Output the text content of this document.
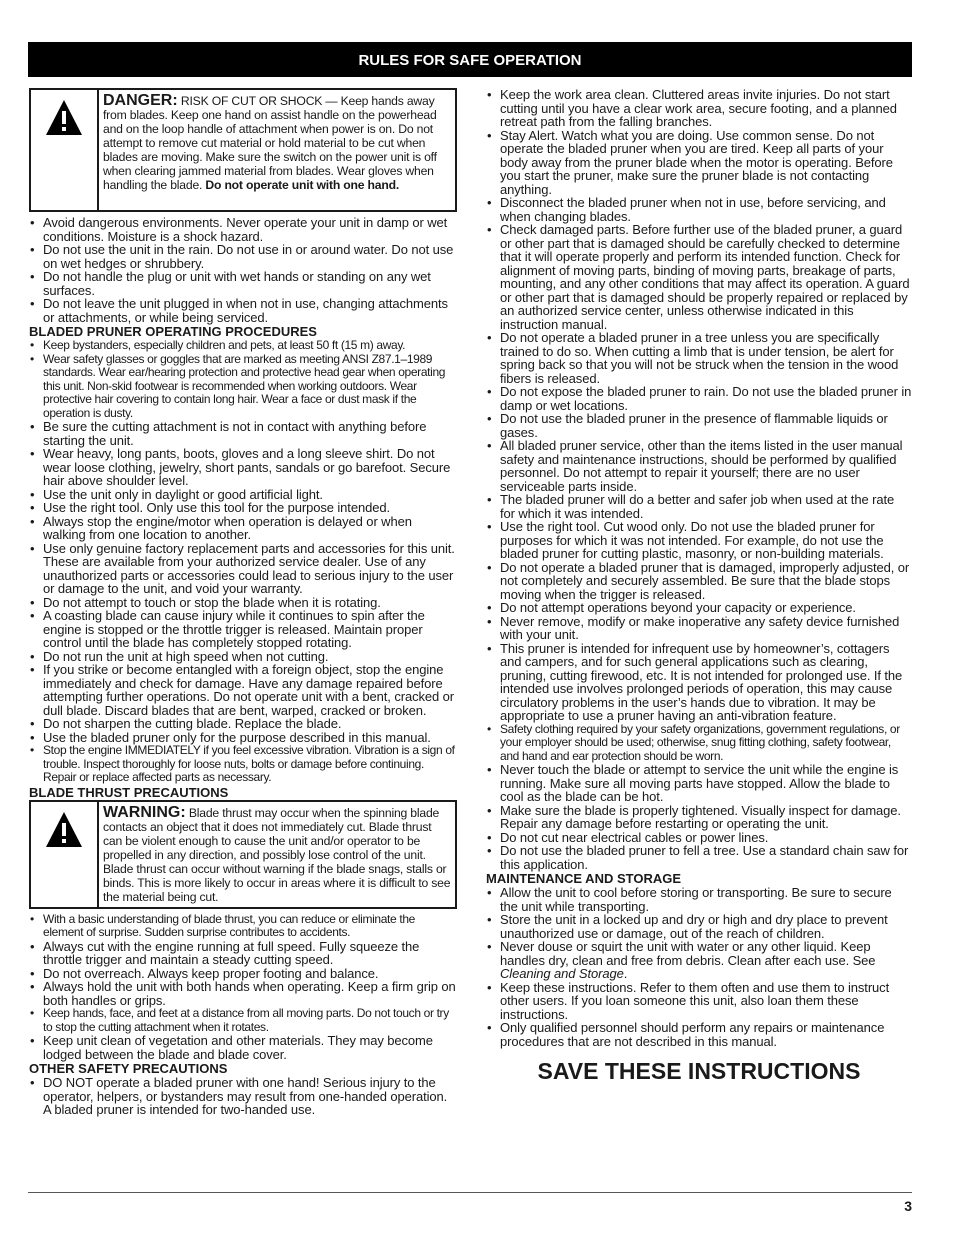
RULES FOR SAFE OPERATION
DANGER: RISK OF CUT OR SHOCK — Keep hands away from blades. Keep one hand on assist handle on the powerhead and on the loop handle of attachment when power is on. Do not attempt to remove cut material or hold material to be cut when blades are moving. Make sure the switch on the power unit is off when clearing jammed material from blades. Wear gloves when handling the blade. Do not operate unit with one hand.
• Avoid dangerous environments. Never operate your unit in damp or wet conditions. Moisture is a shock hazard.
• Do not use the unit in the rain. Do not use in or around water. Do not use on wet hedges or shrubbery.
• Do not handle the plug or unit with wet hands or standing on any wet surfaces.
• Do not leave the unit plugged in when not in use, changing attachments or attachments, or while being serviced.
BLADED PRUNER OPERATING PROCEDURES
• Keep bystanders, especially children and pets, at least 50 ft (15 m) away.
• Wear safety glasses or goggles that are marked as meeting ANSI Z87.1–1989 standards. Wear ear/hearing protection and protective head gear when operating this unit. Non-skid footwear is recommended when working outdoors. Wear protective hair covering to contain long hair. Wear a face or dust mask if the operation is dusty.
• Be sure the cutting attachment is not in contact with anything before starting the unit.
• Wear heavy, long pants, boots, gloves and a long sleeve shirt. Do not wear loose clothing, jewelry, short pants, sandals or go barefoot. Secure hair above shoulder level.
• Use the unit only in daylight or good artificial light.
• Use the right tool. Only use this tool for the purpose intended.
• Always stop the engine/motor when operation is delayed or when walking from one location to another.
• Use only genuine factory replacement parts and accessories for this unit. These are available from your authorized service dealer. Use of any unauthorized parts or accessories could lead to serious injury to the user or damage to the unit, and void your warranty.
• Do not attempt to touch or stop the blade when it is rotating.
• A coasting blade can cause injury while it continues to spin after the engine is stopped or the throttle trigger is released. Maintain proper control until the blade has completely stopped rotating.
• Do not run the unit at high speed when not cutting.
• If you strike or become entangled with a foreign object, stop the engine immediately and check for damage. Have any damage repaired before attempting further operations. Do not operate unit with a bent, cracked or dull blade. Discard blades that are bent, warped, cracked or broken.
• Do not sharpen the cutting blade. Replace the blade.
• Use the bladed pruner only for the purpose described in this manual.
• Stop the engine IMMEDIATELY if you feel excessive vibration. Vibration is a sign of trouble. Inspect thoroughly for loose nuts, bolts or damage before continuing. Repair or replace affected parts as necessary.
BLADE THRUST PRECAUTIONS
WARNING: Blade thrust may occur when the spinning blade contacts an object that it does not immediately cut. Blade thrust can be violent enough to cause the unit and/or operator to be propelled in any direction, and possibly lose control of the unit. Blade thrust can occur without warning if the blade snags, stalls or binds. This is more likely to occur in areas where it is difficult to see the material being cut.
• With a basic understanding of blade thrust, you can reduce or eliminate the element of surprise. Sudden surprise contributes to accidents.
• Always cut with the engine running at full speed. Fully squeeze the throttle trigger and maintain a steady cutting speed.
• Do not overreach. Always keep proper footing and balance.
• Always hold the unit with both hands when operating. Keep a firm grip on both handles or grips.
• Keep hands, face, and feet at a distance from all moving parts. Do not touch or try to stop the cutting attachment when it rotates.
• Keep unit clean of vegetation and other materials. They may become lodged between the blade and blade cover.
OTHER SAFETY PRECAUTIONS
• DO NOT operate a bladed pruner with one hand! Serious injury to the operator, helpers, or bystanders may result from one-handed operation. A bladed pruner is intended for two-handed use.
• Keep the work area clean. Cluttered areas invite injuries. Do not start cutting until you have a clear work area, secure footing, and a planned retreat path from the falling branches.
• Stay Alert. Watch what you are doing. Use common sense. Do not operate the bladed pruner when you are tired. Keep all parts of your body away from the pruner blade when the motor is operating. Before you start the pruner, make sure the pruner blade is not contacting anything.
• Disconnect the bladed pruner when not in use, before servicing, and when changing blades.
• Check damaged parts. Before further use of the bladed pruner, a guard or other part that is damaged should be carefully checked to determine that it will operate properly and perform its intended function. Check for alignment of moving parts, binding of moving parts, breakage of parts, mounting, and any other conditions that may affect its operation. A guard or other part that is damaged should be properly repaired or replaced by an authorized service center, unless otherwise indicated in this instruction manual.
• Do not operate a bladed pruner in a tree unless you are specifically trained to do so. When cutting a limb that is under tension, be alert for spring back so that you will not be struck when the tension in the wood fibers is released.
• Do not expose the bladed pruner to rain. Do not use the bladed pruner in damp or wet locations.
• Do not use the bladed pruner in the presence of flammable liquids or gases.
• All bladed pruner service, other than the items listed in the user manual safety and maintenance instructions, should be performed by qualified personnel. Do not attempt to repair it yourself; there are no user serviceable parts inside.
• The bladed pruner will do a better and safer job when used at the rate for which it was intended.
• Use the right tool. Cut wood only. Do not use the bladed pruner for purposes for which it was not intended. For example, do not use the bladed pruner for cutting plastic, masonry, or non-building materials.
• Do not operate a bladed pruner that is damaged, improperly adjusted, or not completely and securely assembled. Be sure that the blade stops moving when the trigger is released.
• Do not attempt operations beyond your capacity or experience.
• Never remove, modify or make inoperative any safety device furnished with your unit.
• This pruner is intended for infrequent use by homeowner’s, cottagers and campers, and for such general applications such as clearing, pruning, cutting firewood, etc. It is not intended for prolonged use. If the intended use involves prolonged periods of operation, this may cause circulatory problems in the user’s hands due to vibration. It may be appropriate to use a pruner having an anti-vibration feature.
• Safety clothing required by your safety organizations, government regulations, or your employer should be used; otherwise, snug fitting clothing, safety footwear, and hand and ear protection should be worn.
• Never touch the blade or attempt to service the unit while the engine is running. Make sure all moving parts have stopped. Allow the blade to cool as the blade can be hot.
• Make sure the blade is properly tightened. Visually inspect for damage. Repair any damage before restarting or operating the unit.
• Do not cut near electrical cables or power lines.
• Do not use the bladed pruner to fell a tree. Use a standard chain saw for this application.
MAINTENANCE AND STORAGE
• Allow the unit to cool before storing or transporting. Be sure to secure the unit while transporting.
• Store the unit in a locked up and dry or high and dry place to prevent unauthorized use or damage, out of the reach of children.
• Never douse or squirt the unit with water or any other liquid. Keep handles dry, clean and free from debris. Clean after each use. See Cleaning and Storage.
• Keep these instructions. Refer to them often and use them to instruct other users. If you loan someone this unit, also loan them these instructions.
• Only qualified personnel should perform any repairs or maintenance procedures that are not described in this manual.
SAVE THESE INSTRUCTIONS
3
